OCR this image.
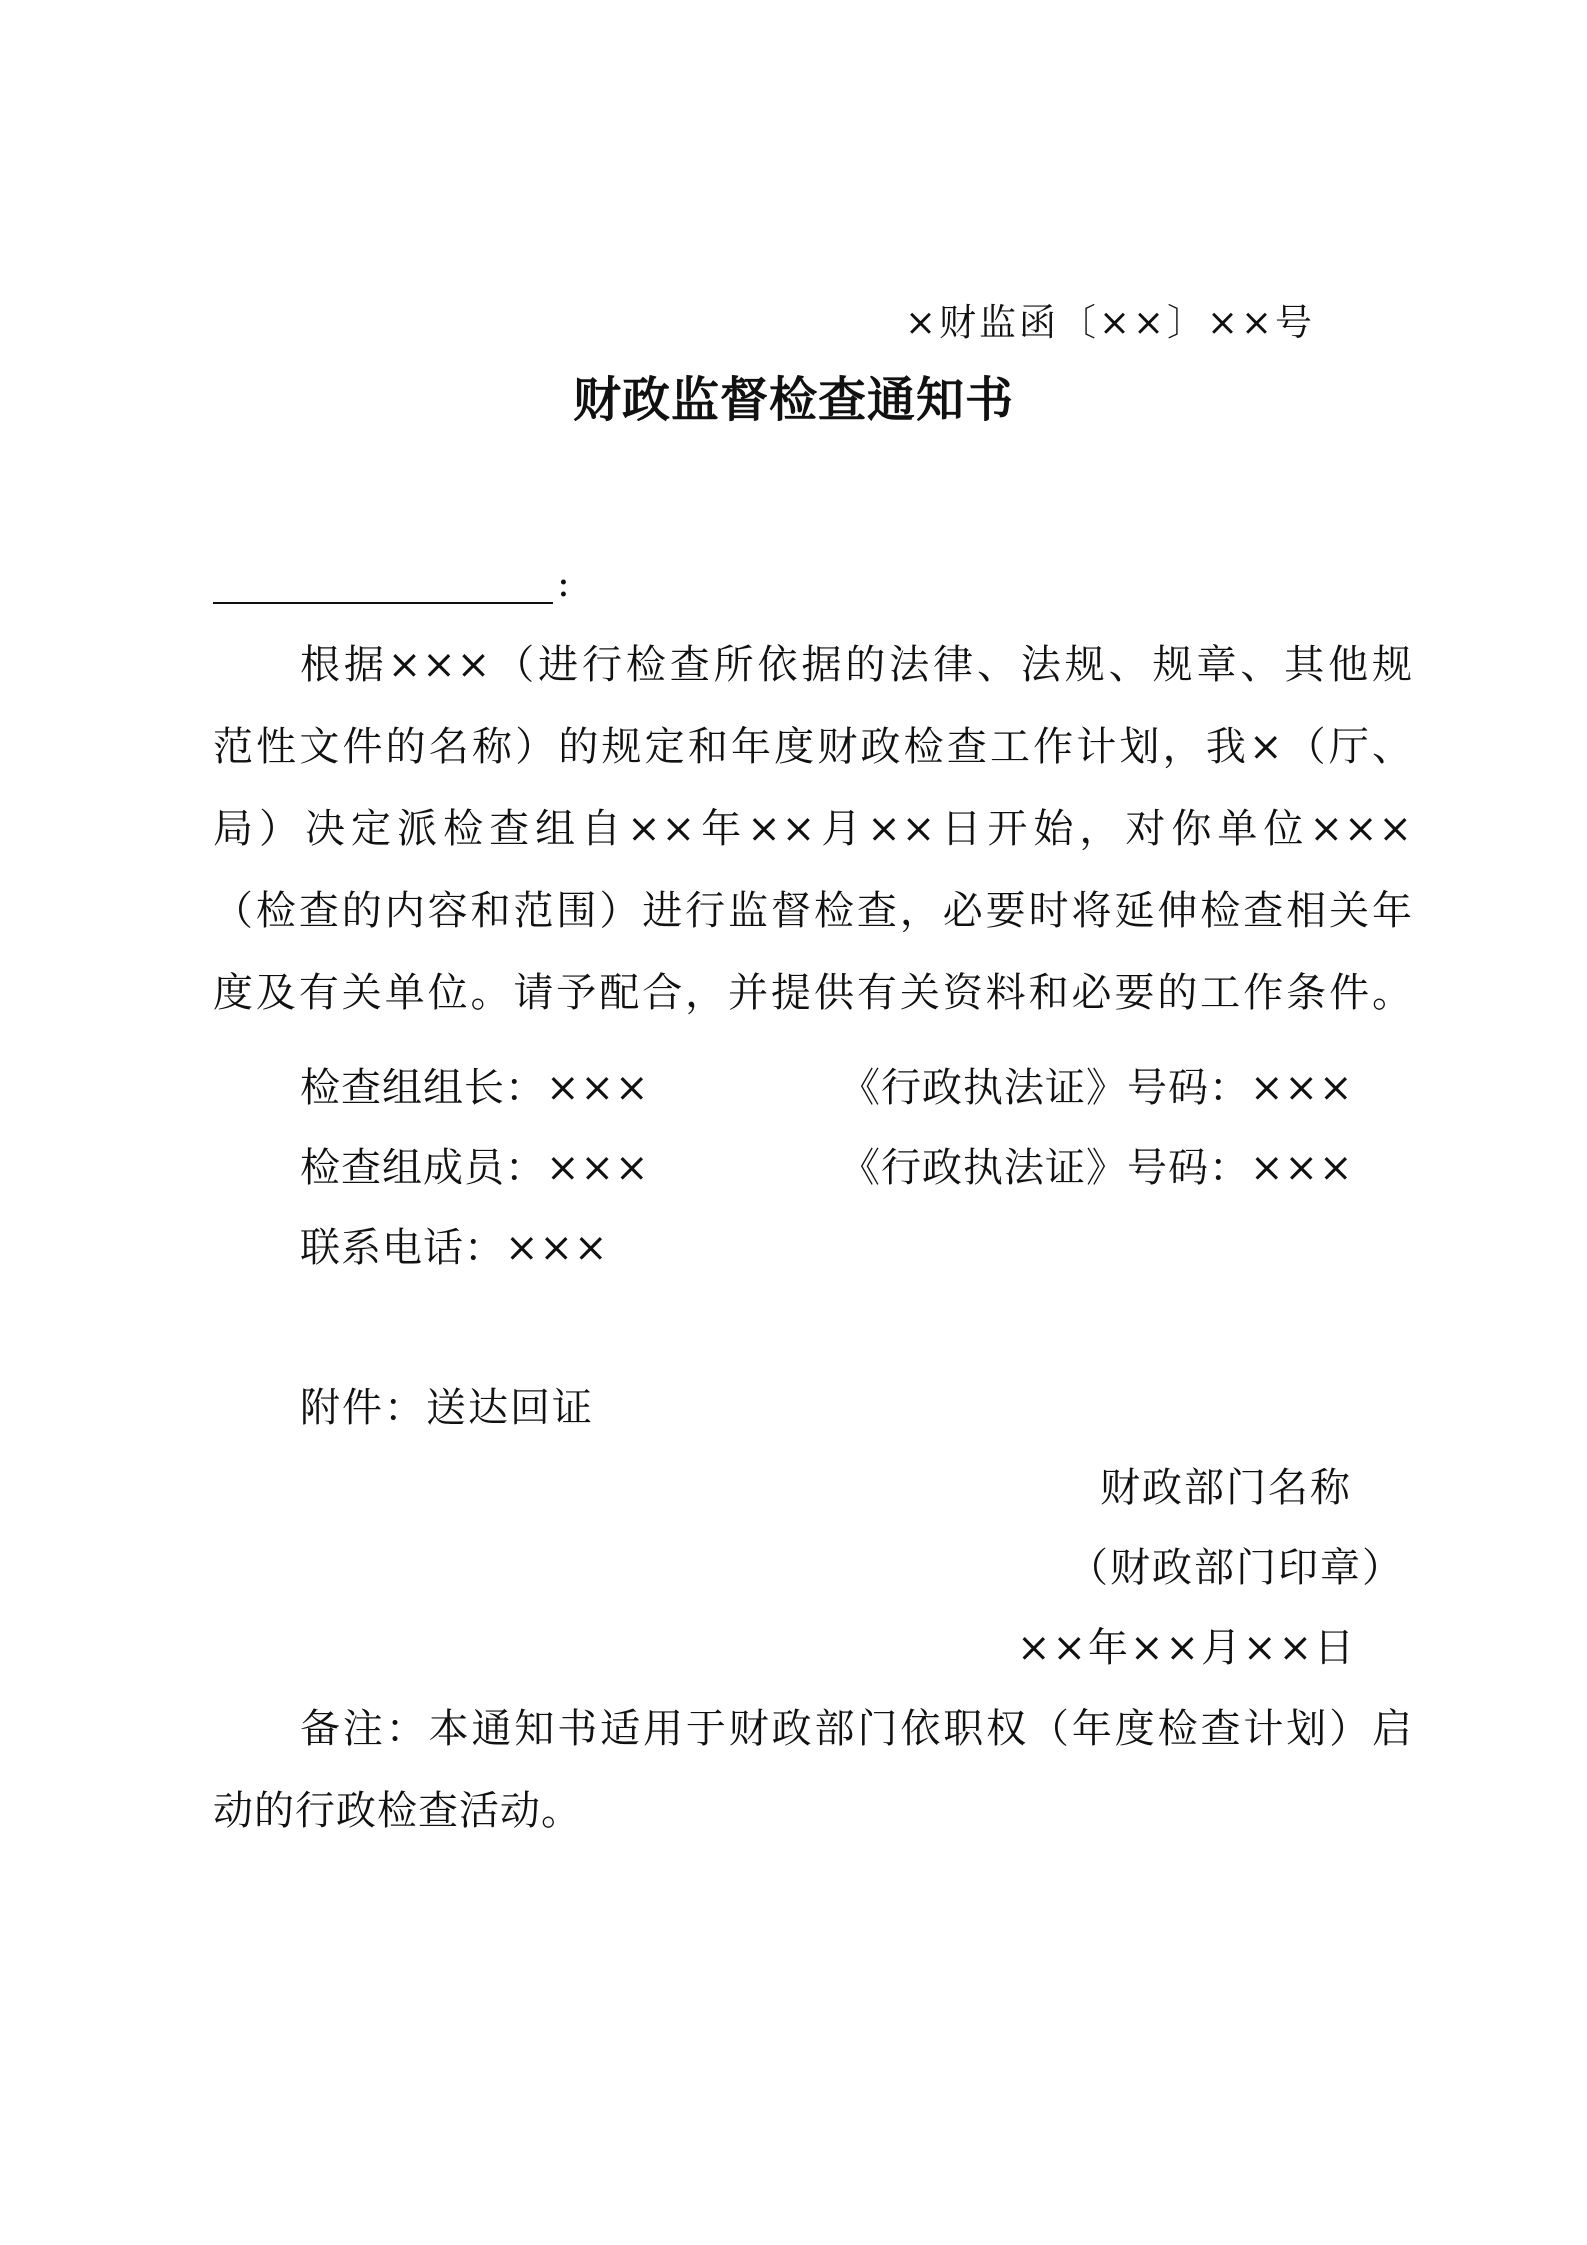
×财监函〔××〕××号
财政监督检查通知书
:
根据×××（进行检查所依据的法律、法规、规章、其他规
范性文件的名称）的规定和年度财政检查工作计划，我×（厅、
局）决定派检查组自××年××月××日开始，对你单位×××
（检查的内容和范围）进行监督检查，必要时将延伸检查相关年
度及有关单位。请予配合，并提供有关资料和必要的工作条件。
检查组组长：×××	《行政执法证》号码：×××
检查组成员：×××	《行政执法证》号码：×××
联系电话：×××
附件：送达回证
财政部门名称
（财政部门印章）
××年××月××日
备注：本通知书适用于财政部门依职权（年度检查计划）启
动的行政检查活动。
